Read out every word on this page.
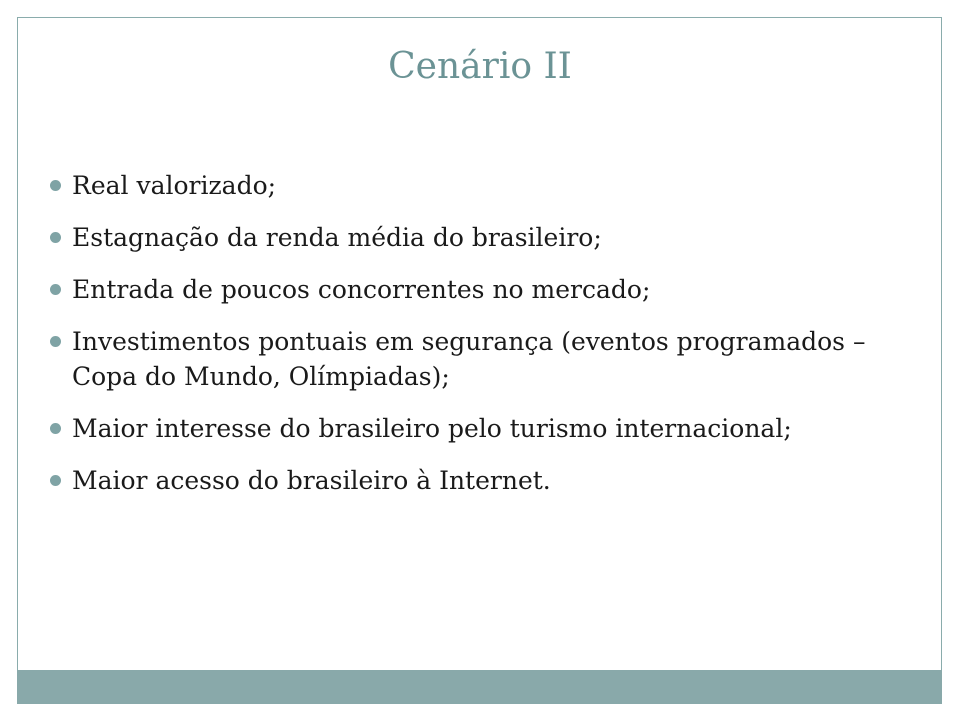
Cenário II
Real valorizado;
Estagnação da renda média do brasileiro;
Entrada de poucos concorrentes no mercado;
Investimentos pontuais em segurança (eventos programados – Copa do Mundo, Olímpiadas);
Maior interesse do brasileiro pelo turismo internacional;
Maior acesso do brasileiro à Internet.
